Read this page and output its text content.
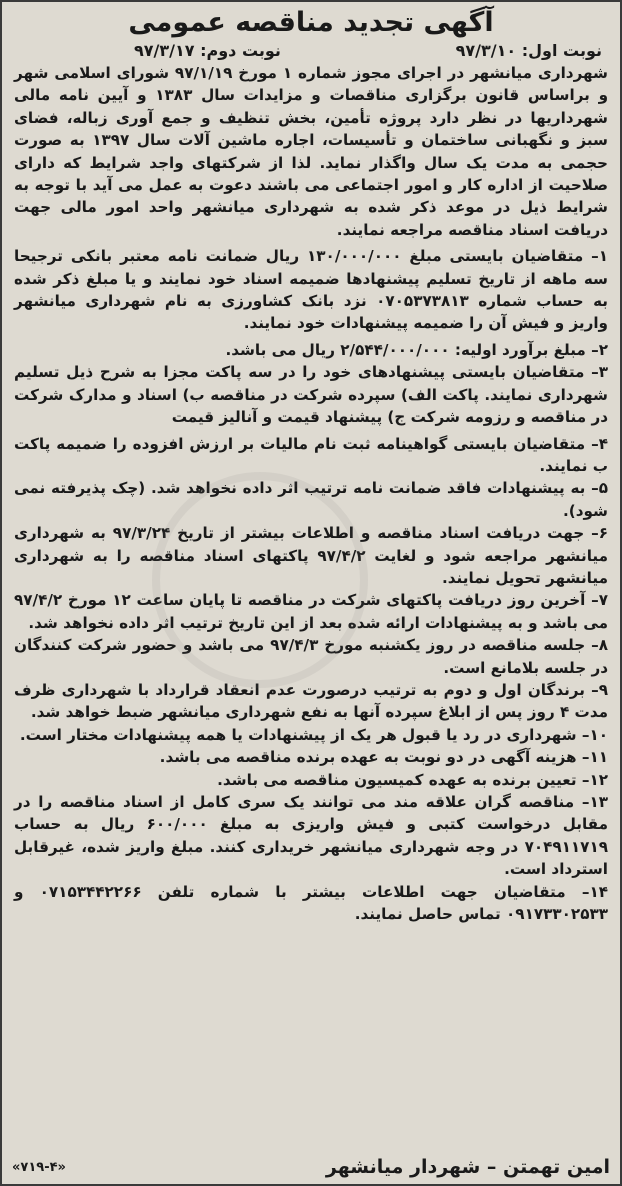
آگهی تجدید مناقصه عمومی
نوبت اول: ۹۷/۳/۱۰
نوبت دوم: ۹۷/۳/۱۷

شهرداری میانشهر در اجرای مجوز شماره ۱ مورخ ۹۷/۱/۱۹ شورای اسلامی شهر و براساس قانون برگزاری مناقصات و مزایدات سال ۱۳۸۳ و آیین نامه مالی شهرداریها در نظر دارد پروژه تأمین، بخش تنظیف و جمع آوری زباله، فضای سبز و نگهبانی ساختمان و تأسیسات، اجاره ماشین آلات سال ۱۳۹۷ به صورت حجمی به مدت یک سال واگذار نماید. لذا از شرکتهای واجد شرایط که دارای صلاحیت از اداره کار و امور اجتماعی می باشند دعوت به عمل می آید با توجه به شرایط ذیل در موعد ذکر شده به شهرداری میانشهر واحد امور مالی جهت دریافت اسناد مناقصه مراجعه نمایند.

۱– متقاضیان بایستی مبلغ ۱۳۰/۰۰۰/۰۰۰ ریال ضمانت نامه معتبر بانکی ترجیحا سه ماهه از تاریخ تسلیم پیشنهادها ضمیمه اسناد خود نمایند و یا مبلغ ذکر شده به حساب شماره ۰۷۰۵۳۷۳۸۱۳ نزد بانک کشاورزی به نام شهرداری میانشهر واریز و فیش آن را ضمیمه پیشنهادات خود نمایند.

۲– مبلغ برآورد اولیه: ۲/۵۴۴/۰۰۰/۰۰۰ ریال می باشد.

۳– متقاضیان بایستی پیشنهادهای خود را در سه پاکت مجزا به شرح ذیل تسلیم شهرداری نمایند. پاکت الف) سپرده شرکت در مناقصه ب) اسناد و مدارک شرکت در مناقصه و رزومه شرکت ج) پیشنهاد قیمت و آنالیز قیمت

۴– متقاضیان بایستی گواهینامه ثبت نام مالیات بر ارزش افزوده را ضمیمه پاکت ب نمایند.

۵– به پیشنهادات فاقد ضمانت نامه ترتیب اثر داده نخواهد شد. (چک پذیرفته نمی شود).

۶– جهت دریافت اسناد مناقصه و اطلاعات بیشتر از تاریخ ۹۷/۳/۲۴ به شهرداری میانشهر مراجعه شود و لغایت ۹۷/۴/۲ پاکتهای اسناد مناقصه را به شهرداری میانشهر تحویل نمایند.

۷– آخرین روز دریافت پاکتهای شرکت در مناقصه تا پایان ساعت ۱۲ مورخ ۹۷/۴/۲ می باشد و به پیشنهادات ارائه شده بعد از این تاریخ ترتیب اثر داده نخواهد شد.

۸– جلسه مناقصه در روز یکشنبه مورخ ۹۷/۴/۳ می باشد و حضور شرکت کنندگان در جلسه بلامانع است.

۹– برندگان اول و دوم به ترتیب درصورت عدم انعقاد قرارداد با شهرداری ظرف مدت ۴ روز پس از ابلاغ سپرده آنها به نفع شهرداری میانشهر ضبط خواهد شد.

۱۰– شهرداری در رد یا قبول هر یک از پیشنهادات یا همه پیشنهادات مختار است.

۱۱– هزینه آگهی در دو نوبت به عهده برنده مناقصه می باشد.

۱۲– تعیین برنده به عهده کمیسیون مناقصه می باشد.

۱۳– مناقصه گران علاقه مند می توانند یک سری کامل از اسناد مناقصه را در مقابل درخواست کتبی و فیش واریزی به مبلغ ۶۰۰/۰۰۰ ریال به حساب ۷۰۴۹۱۱۷۱۹ در وجه شهرداری میانشهر خریداری کنند. مبلغ واریز شده، غیرقابل استرداد است.

۱۴– متقاضیان جهت اطلاعات بیشتر با شماره تلفن ۰۷۱۵۳۴۴۲۲۶۶ و ۰۹۱۷۳۳۰۲۵۳۳ تماس حاصل نمایند.

امین تهمتن – شهردار میانشهر
«۷۱۹-۴»
